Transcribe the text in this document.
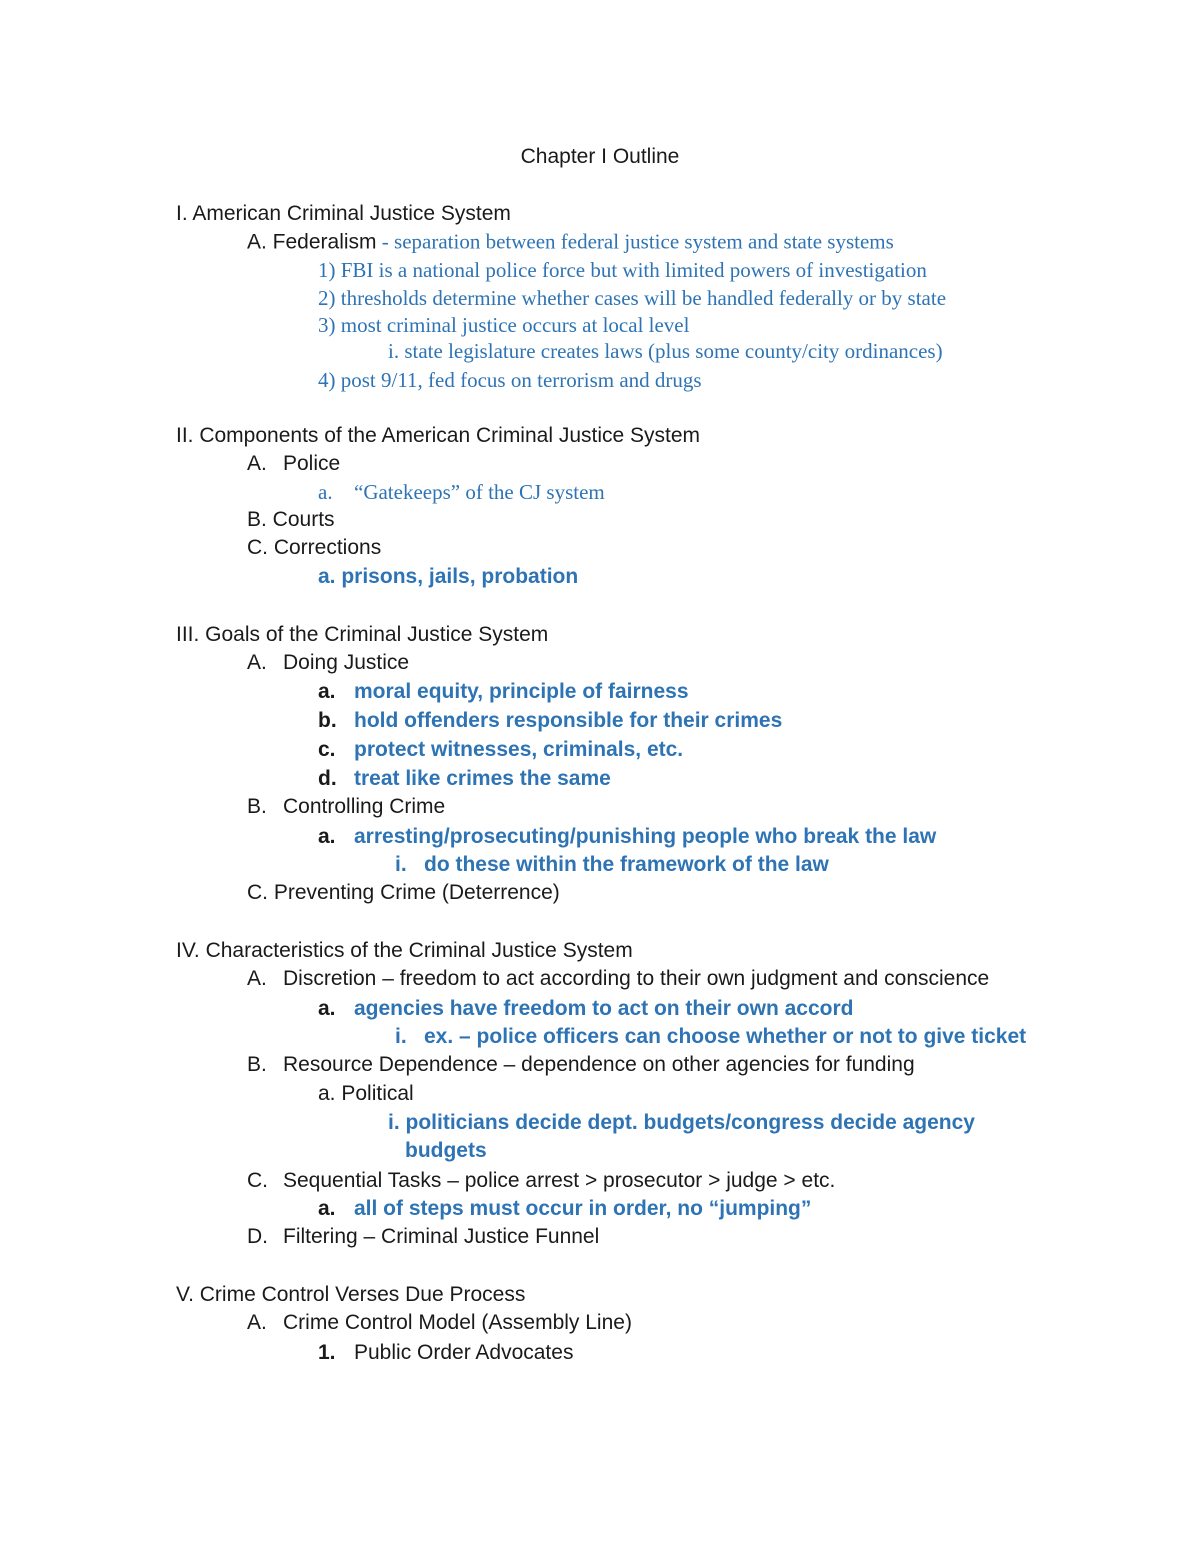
Chapter I Outline
I. American Criminal Justice System
A. Federalism - separation between federal justice system and state systems
1) FBI is a national police force but with limited powers of investigation
2) thresholds determine whether cases will be handled federally or by state
3) most criminal justice occurs at local level
i. state legislature creates laws (plus some county/city ordinances)
4) post 9/11, fed focus on terrorism and drugs
II. Components of the American Criminal Justice System
A. Police
a. “Gatekeeps” of the CJ system
B. Courts
C. Corrections
a. prisons, jails, probation
III. Goals of the Criminal Justice System
A. Doing Justice
a. moral equity, principle of fairness
b. hold offenders responsible for their crimes
c. protect witnesses, criminals, etc.
d. treat like crimes the same
B. Controlling Crime
a. arresting/prosecuting/punishing people who break the law
i. do these within the framework of the law
C. Preventing Crime (Deterrence)
IV. Characteristics of the Criminal Justice System
A. Discretion – freedom to act according to their own judgment and conscience
a. agencies have freedom to act on their own accord
i. ex. – police officers can choose whether or not to give ticket
B. Resource Dependence – dependence on other agencies for funding
a. Political
i. politicians decide dept. budgets/congress decide agency
budgets
C. Sequential Tasks – police arrest > prosecutor > judge > etc.
a. all of steps must occur in order, no “jumping”
D. Filtering – Criminal Justice Funnel
V. Crime Control Verses Due Process
A. Crime Control Model (Assembly Line)
1. Public Order Advocates
